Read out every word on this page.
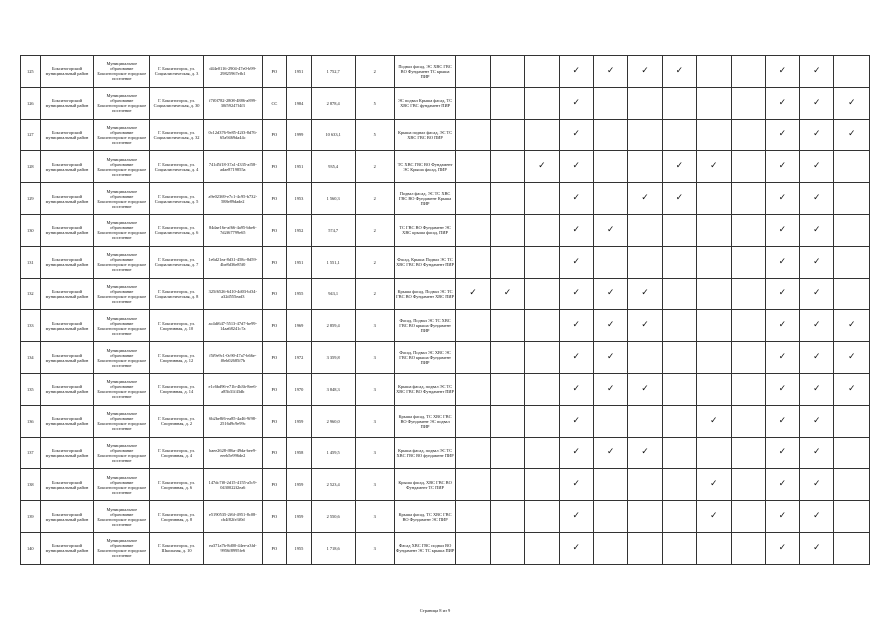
125	Бокситогорский муниципальный район	Муниципальное образование Бокситогорское городское поселение	Г. Бокситогорск, ул. Социалистическая, д. 3	d44e0116-2904-47e0-b99-29825967efb1	РО	1951	1 752,7	2	Подвал фасад, ЭС ХВС ГВС ВО Фундамент ТС крыша ПИР				✓	✓	✓	✓			✓	✓	
126	Бокситогорский муниципальный район	Муниципальное образование Бокситогорское городское поселение	Г. Бокситогорск, ул. Социалистическая, д. 30	f7f0f782-2808-4886-a899-30f59247f4f3	СС	1984	2 878,4	5	ЭС подвал Крыша фасад, ТС ХВС ГВС фундамент ПИР				✓						✓	✓	✓
127	Бокситогорский муниципальный район	Муниципальное образование Бокситогорское городское поселение	Г. Бокситогорск, ул. Социалистическая, д. 32	0c12d376-9e85-42f3-8d76-65a9469da44c	РО	1999	10 633,1	5	Крыша подвал фасад, ЭС ТС ХВС ГВС ВО ПИР				✓						✓	✓	✓
128	Бокситогорский муниципальный район	Муниципальное образование Бокситогорское городское поселение	Г. Бокситогорск, ул. Социалистическая, д. 4	741d5f18-37a1-4335-af58-adae8719855a	РО	1951	935,4	2	ТС ХВС ГВС ВО Фундамент ЭС Крыша фасад, ПИР			✓	✓			✓	✓		✓	✓	
129	Бокситогорский муниципальный район	Муниципальное образование Бокситогорское городское поселение	Г. Бокситогорск, ул. Социалистическая, д. 5	a9e02369-e7c1-4c95-b732-588e89dade2	РО	1953	1 560,3	2	Подвал фасад, ЭС ТС ХВС ГВС ВО Фундамент Крыша ПИР				✓		✓	✓			✓	✓	
130	Бокситогорский муниципальный район	Муниципальное образование Бокситогорское городское поселение	Г. Бокситогорск, ул. Социалистическая, д. 6	84dae16e-af66-4a95-bbe6-7d2f67799e65	РО	1952	574,7	2	ТС ГВС ВО Фундамент ЭС ХВС крыша фасад, ПИР				✓	✓					✓	✓	
131	Бокситогорский муниципальный район	Муниципальное образование Бокситогорское городское поселение	Г. Бокситогорск, ул. Социалистическая, д. 7	1e6d21ea-8d31-458c-8d59-4be8d36e85f0	РО	1951	1 551,1	2	Фасад, Крыша Подвал ЭС ТС ХВС ГВС ВО Фундамент ПИР				✓						✓	✓	
132	Бокситогорский муниципальный район	Муниципальное образование Бокситогорское городское поселение	Г. Бокситогорск, ул. Социалистическая, д. 8	325f6526-6410-4d03-bf34-a32d555ead3	РО	1955	943,1	2	Крыша фасад, Подвал ЭС ТС ГВС ВО Фундамент ХВС ПИР	✓	✓		✓	✓	✓				✓	✓	
133	Бокситогорский муниципальный район	Муниципальное образование Бокситогорское городское поселение	Г. Бокситогорск, ул. Спортивная, д. 10	ac4df647-5513-47d7-be99-14aa68241c7a	РО	1969	2 859,4	3	Фасад, Подвал ЭС ТС ХВС ГВС ВО крыша Фундамент ПИР				✓	✓	✓				✓	✓	✓
134	Бокситогорский муниципальный район	Муниципальное образование Бокситогорское городское поселение	Г. Бокситогорск, ул. Спортивная, д. 12	f5f9e9c1-0c90-47a7-b66e-f0eb02685f7b	РО	1972	3 359,8	3	Фасад, Подвал ЭС ХВС ЭС ГВС ВО крыша Фундамент ПИР				✓	✓					✓	✓	✓
135	Бокситогорский муниципальный район	Муниципальное образование Бокситогорское городское поселение	Г. Бокситогорск, ул. Спортивная, д. 14	e1c6bd96-e71b-4b3b-8ee6-a85b31f43db	РО	1970	3 848,3	3	Крыша фасад, подвал ЭС ТС ХВС ГВС ВО Фундамент ПИР				✓	✓	✓				✓	✓	✓
136	Бокситогорский муниципальный район	Муниципальное образование Бокситогорское городское поселение	Г. Бокситогорск, ул. Спортивная, д. 2	6b2be8f6-ea85-4a46-9f98-2516d9c9e99c	РО	1959	2 960,0	3	Крыша фасад, ТС ХВС ГВС ВО Фундамент ЭС подвал ПИР				✓				✓		✓	✓	
137	Бокситогорский муниципальный район	Муниципальное образование Бокситогорское городское поселение	Г. Бокситогорск, ул. Спортивная, д. 4	baee2628-f86a-49da-bee9-eeeb5e996de2	РО	1958	1 459,5	3	Крыша фасад, подвал ЭС ТС ХВС ГВС ВО фундамент ПИР				✓	✓	✓				✓	✓	
138	Бокситогорский муниципальный район	Муниципальное образование Бокситогорское городское поселение	Г. Бокситогорск, ул. Спортивная, д. 6	147dc7f0-2d15-4155-a5c9-0430022f2ea6	РО	1959	2 523,4	3	Крыша фасад, ХВС ГВС ВО Фундамент ТС ПИР				✓				✓		✓	✓	
139	Бокситогорский муниципальный район	Муниципальное образование Бокситогорское городское поселение	Г. Бокситогорск, ул. Спортивная, д. 8	e5190535-2f6f-4951-8c08-cb4f82fe3f0d	РО	1959	2 550,6	3	Крыша фасад, ТС ХВС ГВС ВО Фундамент ЭС ПИР				✓				✓		✓	✓	
140	Бокситогорский муниципальный район	Муниципальное образование Бокситогорское городское поселение	Г. Бокситогорск, ул. Школьная, д. 10	ea371a7b-8d00-44ee-a3fd-9956f8995fe6	РО	1955	1 718,6	3	Фасад ХВС ГВС подвал ВО Фундамент ЭС ТС крыша ПИР				✓						✓	✓	
Страница 8 из 9
